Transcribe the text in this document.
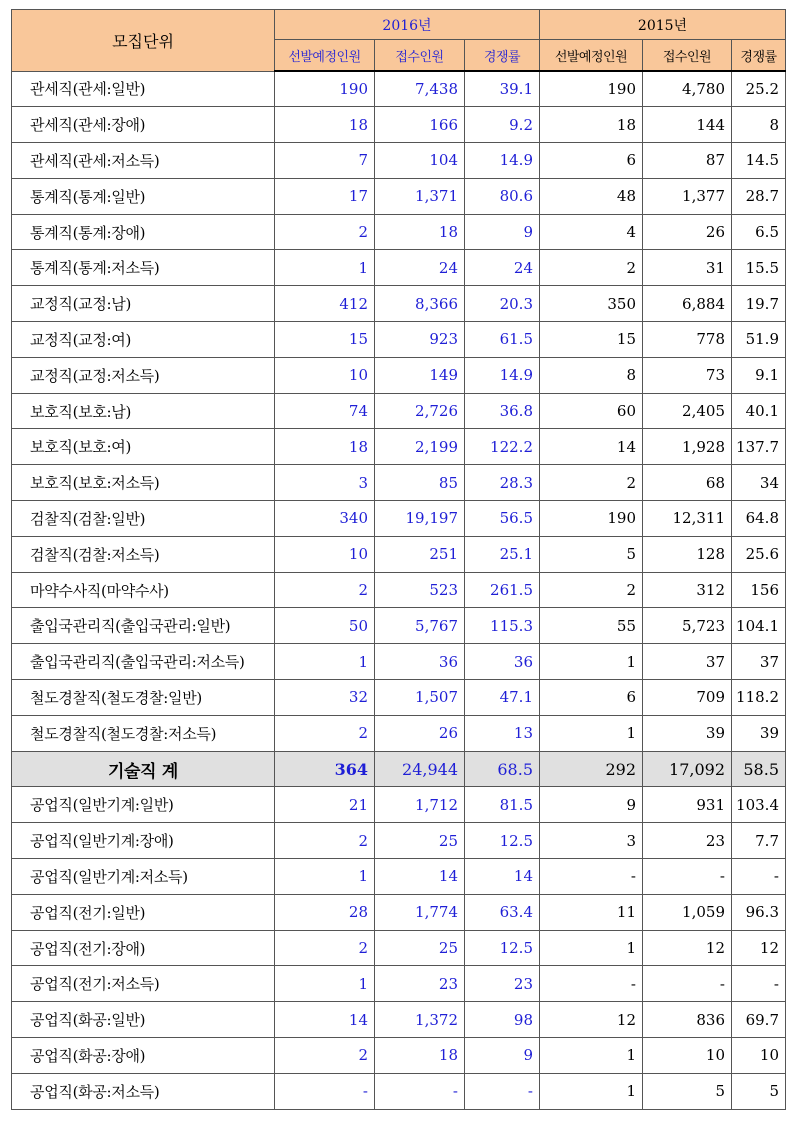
모집단위	2016년			2015년		
	선발예정인원	접수인원	경쟁률	선발예정인원	접수인원	경쟁률
관세직(관세:일반)	190	7,438	39.1	190	4,780	25.2
관세직(관세:장애)	18	166	9.2	18	144	8
관세직(관세:저소득)	7	104	14.9	6	87	14.5
통계직(통계:일반)	17	1,371	80.6	48	1,377	28.7
통계직(통계:장애)	2	18	9	4	26	6.5
통계직(통계:저소득)	1	24	24	2	31	15.5
교정직(교정:남)	412	8,366	20.3	350	6,884	19.7
교정직(교정:여)	15	923	61.5	15	778	51.9
교정직(교정:저소득)	10	149	14.9	8	73	9.1
보호직(보호:남)	74	2,726	36.8	60	2,405	40.1
보호직(보호:여)	18	2,199	122.2	14	1,928	137.7
보호직(보호:저소득)	3	85	28.3	2	68	34
검찰직(검찰:일반)	340	19,197	56.5	190	12,311	64.8
검찰직(검찰:저소득)	10	251	25.1	5	128	25.6
마약수사직(마약수사)	2	523	261.5	2	312	156
출입국관리직(출입국관리:일반)	50	5,767	115.3	55	5,723	104.1
출입국관리직(출입국관리:저소득)	1	36	36	1	37	37
철도경찰직(철도경찰:일반)	32	1,507	47.1	6	709	118.2
철도경찰직(철도경찰:저소득)	2	26	13	1	39	39
기술직 계	364	24,944	68.5	292	17,092	58.5
공업직(일반기계:일반)	21	1,712	81.5	9	931	103.4
공업직(일반기계:장애)	2	25	12.5	3	23	7.7
공업직(일반기계:저소득)	1	14	14	-	-	-
공업직(전기:일반)	28	1,774	63.4	11	1,059	96.3
공업직(전기:장애)	2	25	12.5	1	12	12
공업직(전기:저소득)	1	23	23	-	-	-
공업직(화공:일반)	14	1,372	98	12	836	69.7
공업직(화공:장애)	2	18	9	1	10	10
공업직(화공:저소득)	-	-	-	1	5	5
